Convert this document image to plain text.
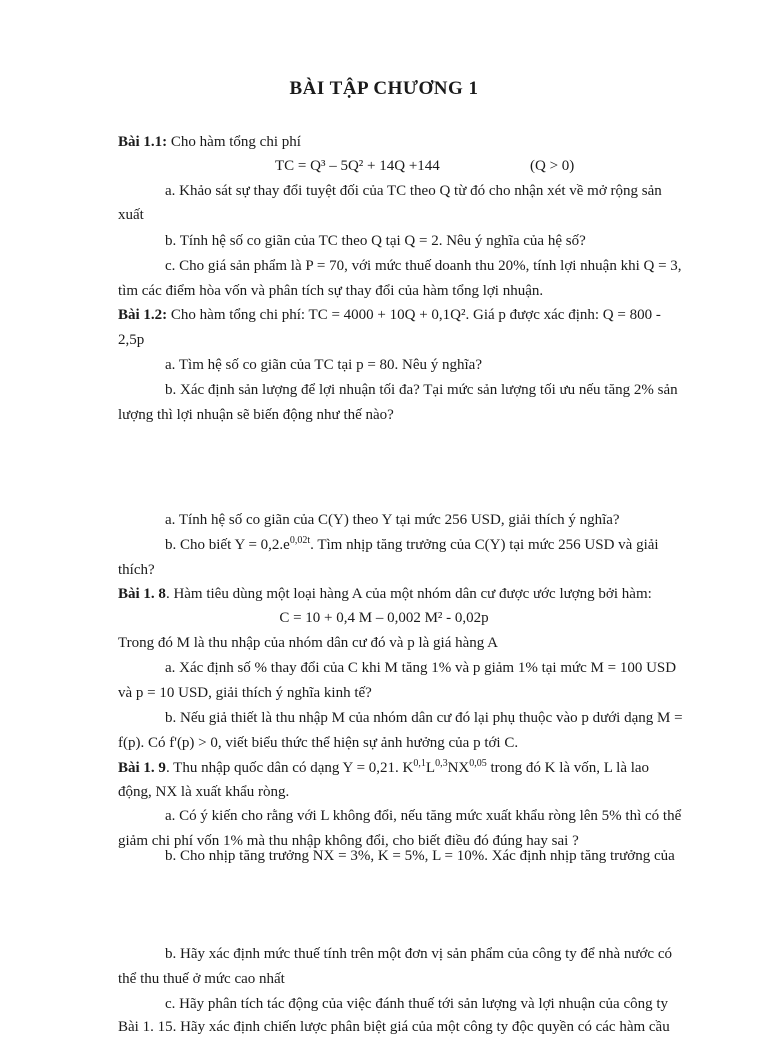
BÀI TẬP CHƯƠNG 1
Bài 1.1: Cho hàm tổng chi phí
TC = Q³ – 5Q² + 14Q +144	(Q > 0)
a. Khảo sát sự thay đổi tuyệt đối của TC theo Q từ đó cho nhận xét về mở rộng sản
xuất
b. Tính hệ số co giãn của TC theo Q tại Q = 2. Nêu ý nghĩa của hệ số?
c. Cho giá sản phẩm là P = 70, với mức thuế doanh thu 20%, tính lợi nhuận khi Q = 3,
tìm các điểm hòa vốn và phân tích sự thay đổi của hàm tổng lợi nhuận.
Bài 1.2: Cho hàm tổng chi phí: TC = 4000 + 10Q + 0,1Q². Giá p được xác định: Q = 800 -
2,5p
a. Tìm hệ số co giãn của TC tại p = 80. Nêu ý nghĩa?
b. Xác định sản lượng để lợi nhuận tối đa? Tại mức sản lượng tối ưu nếu tăng 2% sản
lượng thì lợi nhuận sẽ biến động như thế nào?

a. Tính hệ số co giãn của C(Y) theo Y tại mức 256 USD, giải thích ý nghĩa?
b. Cho biết $Y = 0,2.e^{0,02t}$. Tìm nhịp tăng trưởng của C(Y) tại mức 256 USD và giải
thích?
Bài 1. 8. Hàm tiêu dùng một loại hàng A của một nhóm dân cư được ước lượng bởi hàm:
C = 10 + 0,4 M – 0,002 M² - 0,02p
Trong đó M là thu nhập của nhóm dân cư đó và p là giá hàng A
a. Xác định số % thay đổi của C khi M tăng 1% và p giảm 1% tại mức M = 100 USD
và p = 10 USD, giải thích ý nghĩa kinh tế?
b. Nếu giả thiết là thu nhập M của nhóm dân cư đó lại phụ thuộc vào p dưới dạng M =
f(p). Có f'(p) > 0, viết biểu thức thể hiện sự ảnh hưởng của p tới C.
Bài 1. 9. Thu nhập quốc dân có dạng Y = 0,21. $K^{0,1}L^{0,3}NX^{0,05}$ trong đó K là vốn, L là lao
động, NX là xuất khẩu ròng.
a. Có ý kiến cho rằng với L không đổi, nếu tăng mức xuất khẩu ròng lên 5% thì có thể
giảm chi phí vốn 1% mà thu nhập không đổi, cho biết điều đó đúng hay sai ?
b. Cho nhịp tăng trưởng NX = 3%, K = 5%, L = 10%. Xác định nhịp tăng trưởng của
b. Hãy xác định mức thuế tính trên một đơn vị sản phẩm của công ty để nhà nước có
thể thu thuế ở mức cao nhất
c. Hãy phân tích tác động của việc đánh thuế tới sản lượng và lợi nhuận của công ty
Bài 1. 15. Hãy xác định chiến lược phân biệt giá của một công ty độc quyền có các hàm cầu
